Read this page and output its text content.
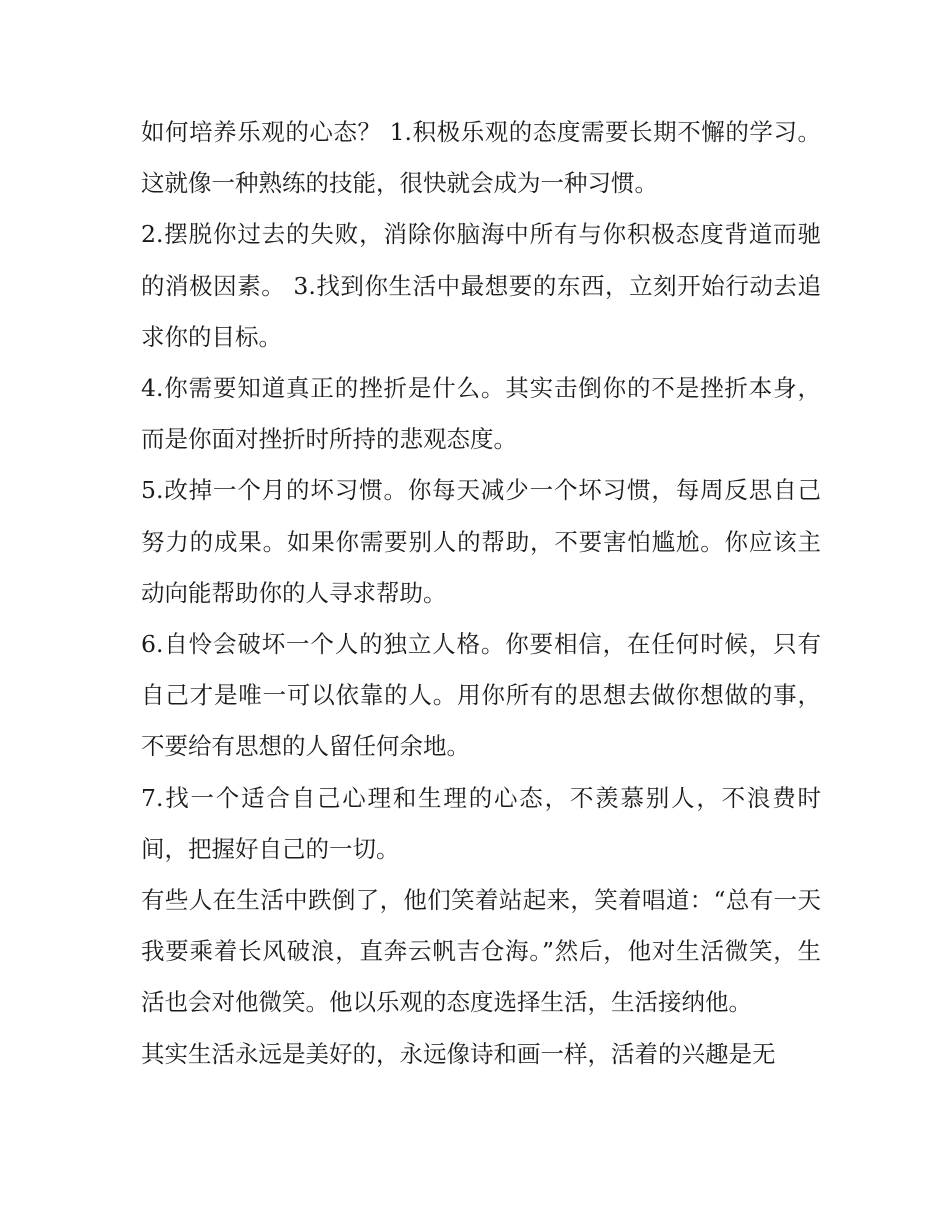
如何培养乐观的心态？ 1.积极乐观的态度需要长期不懈的学习。这就像一种熟练的技能，很快就会成为一种习惯。

2.摆脱你过去的失败，消除你脑海中所有与你积极态度背道而驰的消极因素。 3.找到你生活中最想要的东西，立刻开始行动去追求你的目标。

4.你需要知道真正的挫折是什么。其实击倒你的不是挫折本身，而是你面对挫折时所持的悲观态度。

5.改掉一个月的坏习惯。你每天减少一个坏习惯，每周反思自己努力的成果。如果你需要别人的帮助，不要害怕尴尬。你应该主动向能帮助你的人寻求帮助。

6.自怜会破坏一个人的独立人格。你要相信，在任何时候，只有自己才是唯一可以依靠的人。用你所有的思想去做你想做的事，不要给有思想的人留任何余地。

7.找一个适合自己心理和生理的心态，不羡慕别人，不浪费时间，把握好自己的一切。

有些人在生活中跌倒了，他们笑着站起来，笑着唱道：“总有一天我要乘着长风破浪，直奔云帆吉仓海。”然后，他对生活微笑，生活也会对他微笑。他以乐观的态度选择生活，生活接纳他。

其实生活永远是美好的，永远像诗和画一样，活着的兴趣是无
